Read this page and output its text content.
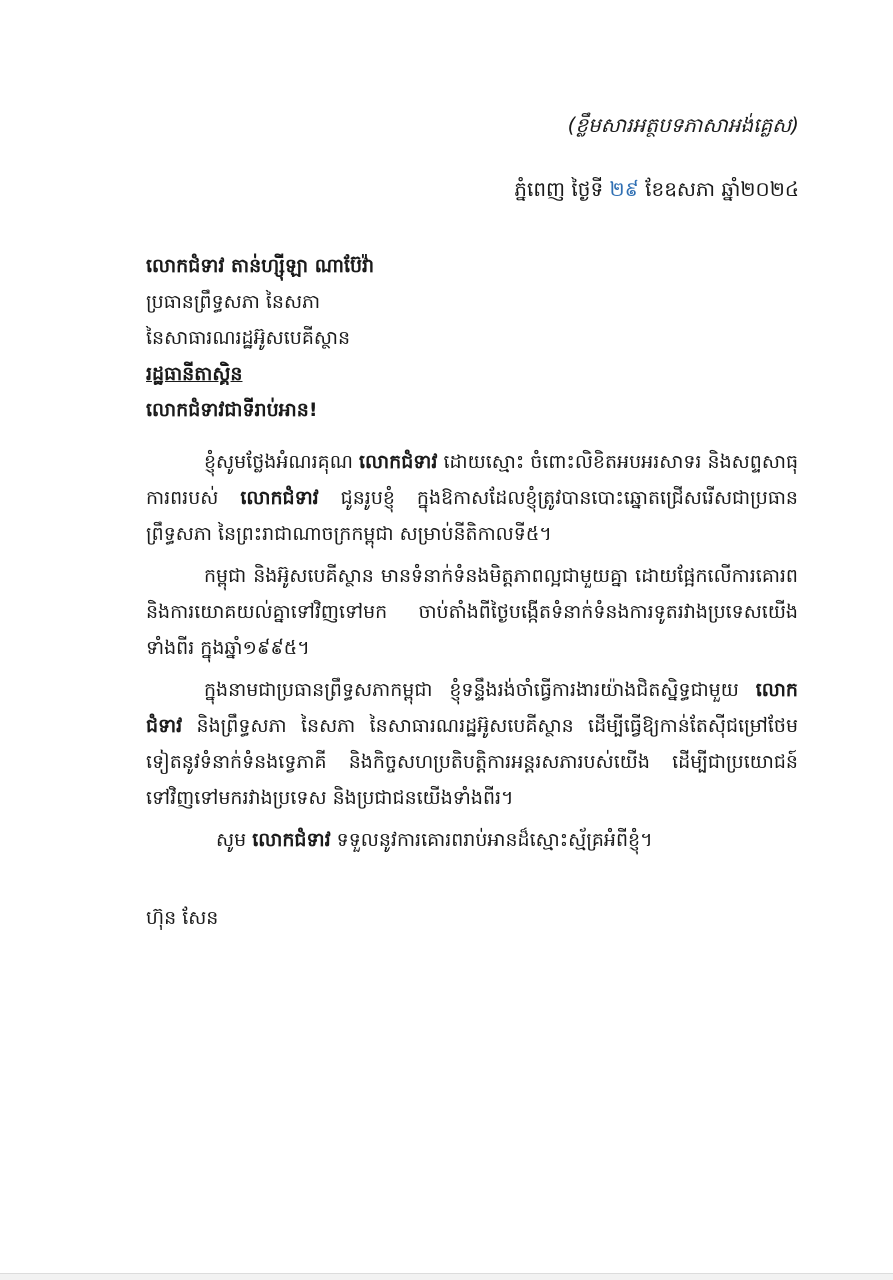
(ខ្លឹមសារអត្ថបទភាសាអង់គ្លេស)
ភ្នំពេញ ថ្ងៃទី ២៩ ខែឧសភា ឆ្នាំ២០២៤
លោកជំទាវ តាន់ហ្ស៊ីឡា ណាប៊ែវ៉ា
ប្រធានព្រឹទ្ធសភា នៃសភា
នៃសាធារណរដ្ឋអ៊ូសបេគីស្ថាន
រដ្ឋធានីតាស្គិន
លោកជំទាវជាទីរាប់អាន!

ខ្ញុំសូមថ្លែងអំណរគុណ លោកជំទាវ ដោយស្មោះ ចំពោះលិខិតអបអរសាទរ និងសព្ទសាធុការពរបស់ លោកជំទាវ ជូនរូបខ្ញុំ ក្នុងឱកាសដែលខ្ញុំត្រូវបានបោះឆ្នោតជ្រើសរើសជាប្រធានព្រឹទ្ធសភា នៃព្រះរាជាណាចក្រកម្ពុជា សម្រាប់នីតិកាលទី៥។

កម្ពុជា និងអ៊ូសបេគីស្ថាន មានទំនាក់ទំនងមិត្តភាពល្អជាមួយគ្នា ដោយផ្អែកលើការគោរព និងការយោគយល់គ្នាទៅវិញទៅមក ចាប់តាំងពីថ្ងៃបង្កើតទំនាក់ទំនងការទូតរវាងប្រទេសយើងទាំងពីរ ក្នុងឆ្នាំ១៩៩៥។

ក្នុងនាមជាប្រធានព្រឹទ្ធសភាកម្ពុជា ខ្ញុំទន្ទឹងរង់ចាំធ្វើការងារយ៉ាងជិតស្និទ្ធជាមួយ លោកជំទាវ និងព្រឹទ្ធសភា នៃសភា នៃសាធារណរដ្ឋអ៊ូសបេគីស្ថាន ដើម្បីធ្វើឱ្យកាន់តែស៊ីជម្រៅថែមទៀតនូវទំនាក់ទំនងទ្វេភាគី និងកិច្ចសហប្រតិបត្តិការអន្តរសភារបស់យើង ដើម្បីជាប្រយោជន៍ទៅវិញទៅមករវាងប្រទេស និងប្រជាជនយើងទាំងពីរ។

សូម លោកជំទាវ ទទួលនូវការគោរពរាប់អានដ៏ស្មោះស្ម័គ្រអំពីខ្ញុំ។

ហ៊ុន សែន
